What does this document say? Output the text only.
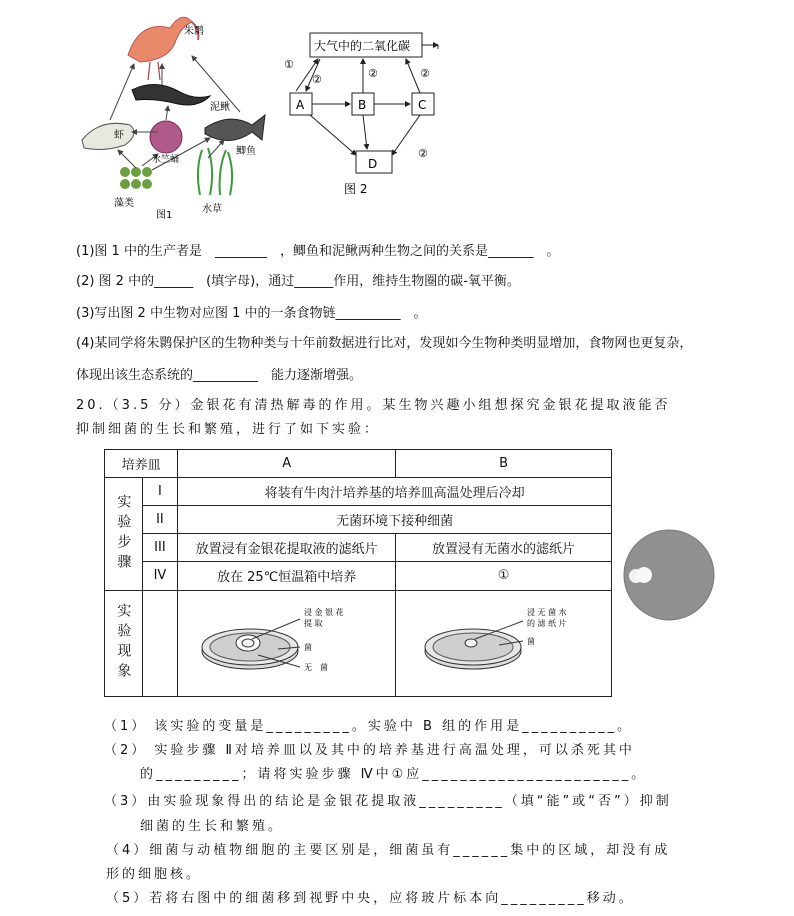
朱鹮
泥鳅
虾
水竺蛹
鲫鱼
藻类
水草
图1
大气中的二氧化碳
A	B	C
D
①
②	②	②
②
图 2
(1)图 1 中的生产者是　________　，鲫鱼和泥鳅两种生物之间的关系是_______　。
(2) 图 2 中的______　(填字母)，通过______作用，维持生物圈的碳-氧平衡。
(3)写出图 2 中生物对应图 1 中的一条食物链__________　。
(4)某同学将朱鹮保护区的生物种类与十年前数据进行比对，发现如今生物种类明显增加，食物网也更复杂，
体现出该生态系统的__________　能力逐渐增强。
20.（3.5 分）金银花有清热解毒的作用。某生物兴趣小组想探究金银花提取液能否
抑制细菌的生长和繁殖，进行了如下实验：
培养皿		A	B

实验步骤	I	将装有牛肉汁培养基的培养皿高温处理后冷却	
	II	无菌环境下接种细菌	
	III	放置浸有金银花提取液的滤纸片	放置浸有无菌水的滤纸片
	IV	放在 25℃恒温箱中培养	①

实验现象		浸 金 银 花
提 取
菌
无　菌	浸 无 菌 水
的 滤 纸 片
菌
（1） 该实验的变量是_________。实验中 B 组的作用是__________。
（2） 实验步骤 Ⅱ对培养皿以及其中的培养基进行高温处理，可以杀死其中
的_________；请将实验步骤 Ⅳ中①应______________________。
（3）由实验现象得出的结论是金银花提取液_________（填“能”或“否”）抑制
细菌的生长和繁殖。
（4）细菌与动植物细胞的主要区别是，细菌虽有______集中的区域，却没有成
形的细胞核。
（5）若将右图中的细菌移到视野中央，应将玻片标本向_________移动。
